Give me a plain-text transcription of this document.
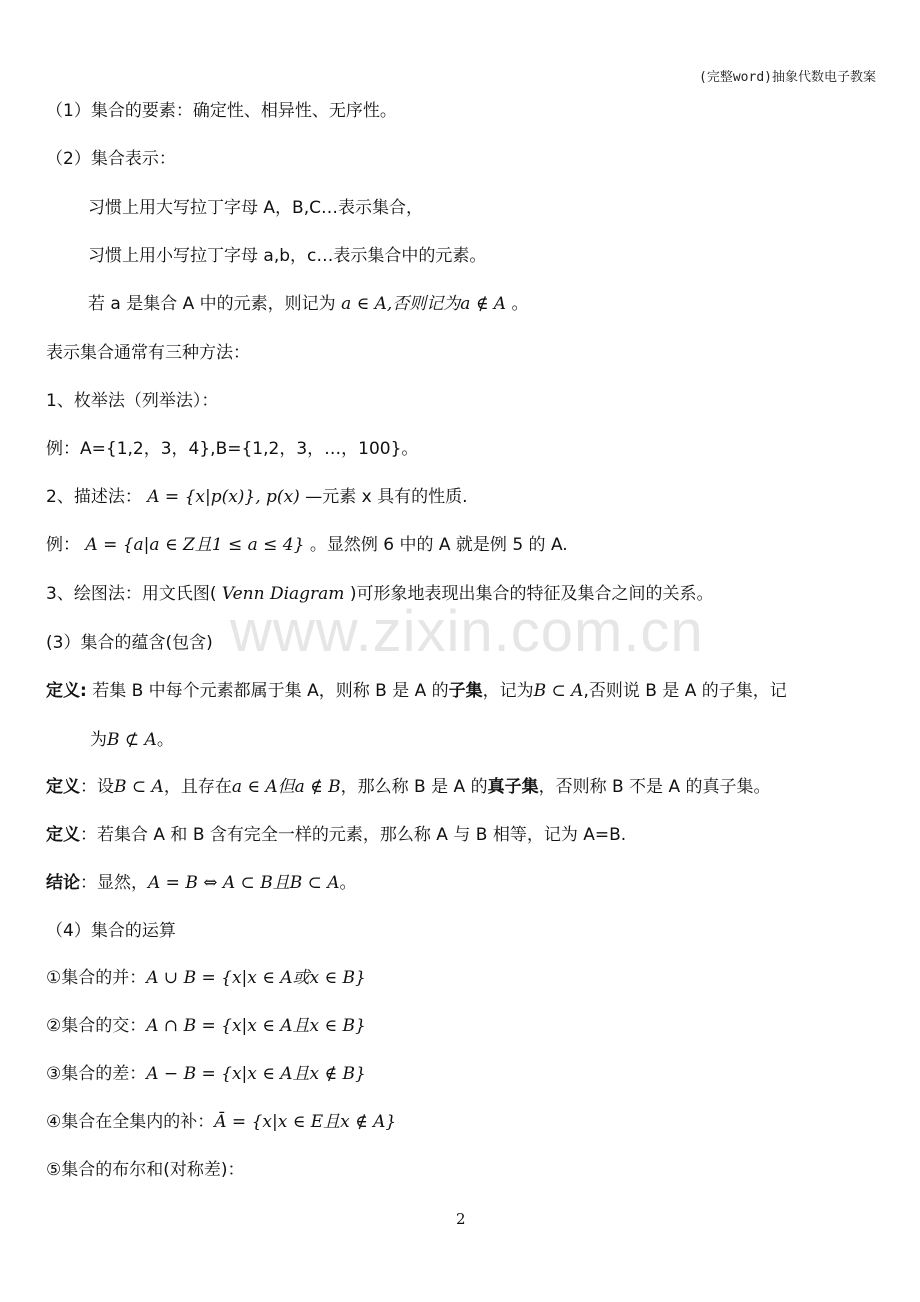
(完整word)抽象代数电子教案
www.zixin.com.cn
（1）集合的要素：确定性、相异性、无序性。
（2）集合表示：
习惯上用大写拉丁字母 A，B,C…表示集合，
习惯上用小写拉丁字母 a,b，c…表示集合中的元素。
若 a 是集合 A 中的元素，则记为 a ∈ A,否则记为a ∉ A 。
表示集合通常有三种方法：
1、枚举法（列举法）：
例：A={1,2，3，4},B={1,2，3，…，100}。
2、描述法： A = {x|p(x)}, p(x) —元素 x 具有的性质.
例： A = {a|a ∈ Z且1 ≤ a ≤ 4} 。显然例 6 中的 A 就是例 5 的 A.
3、绘图法：用文氏图( Venn Diagram )可形象地表现出集合的特征及集合之间的关系。
(3）集合的蕴含(包含)
定义: 若集 B 中每个元素都属于集 A，则称 B 是 A 的子集，记为B ⊂ A,否则说 B 是 A 的子集，记
为B ⊄ A。
定义：设B ⊂ A，且存在a ∈ A但a ∉ B，那么称 B 是 A 的真子集，否则称 B 不是 A 的真子集。
定义：若集合 A 和 B 含有完全一样的元素，那么称 A 与 B 相等，记为 A=B.
结论：显然，A = B ⇔ A ⊂ B且B ⊂ A。
（4）集合的运算
①集合的并：A ∪ B = {x|x ∈ A或x ∈ B}
②集合的交：A ∩ B = {x|x ∈ A且x ∈ B}
③集合的差：A − B = {x|x ∈ A且x ∉ B}
④集合在全集内的补：Ā = {x|x ∈ E且x ∉ A}
⑤集合的布尔和(对称差)：
2
